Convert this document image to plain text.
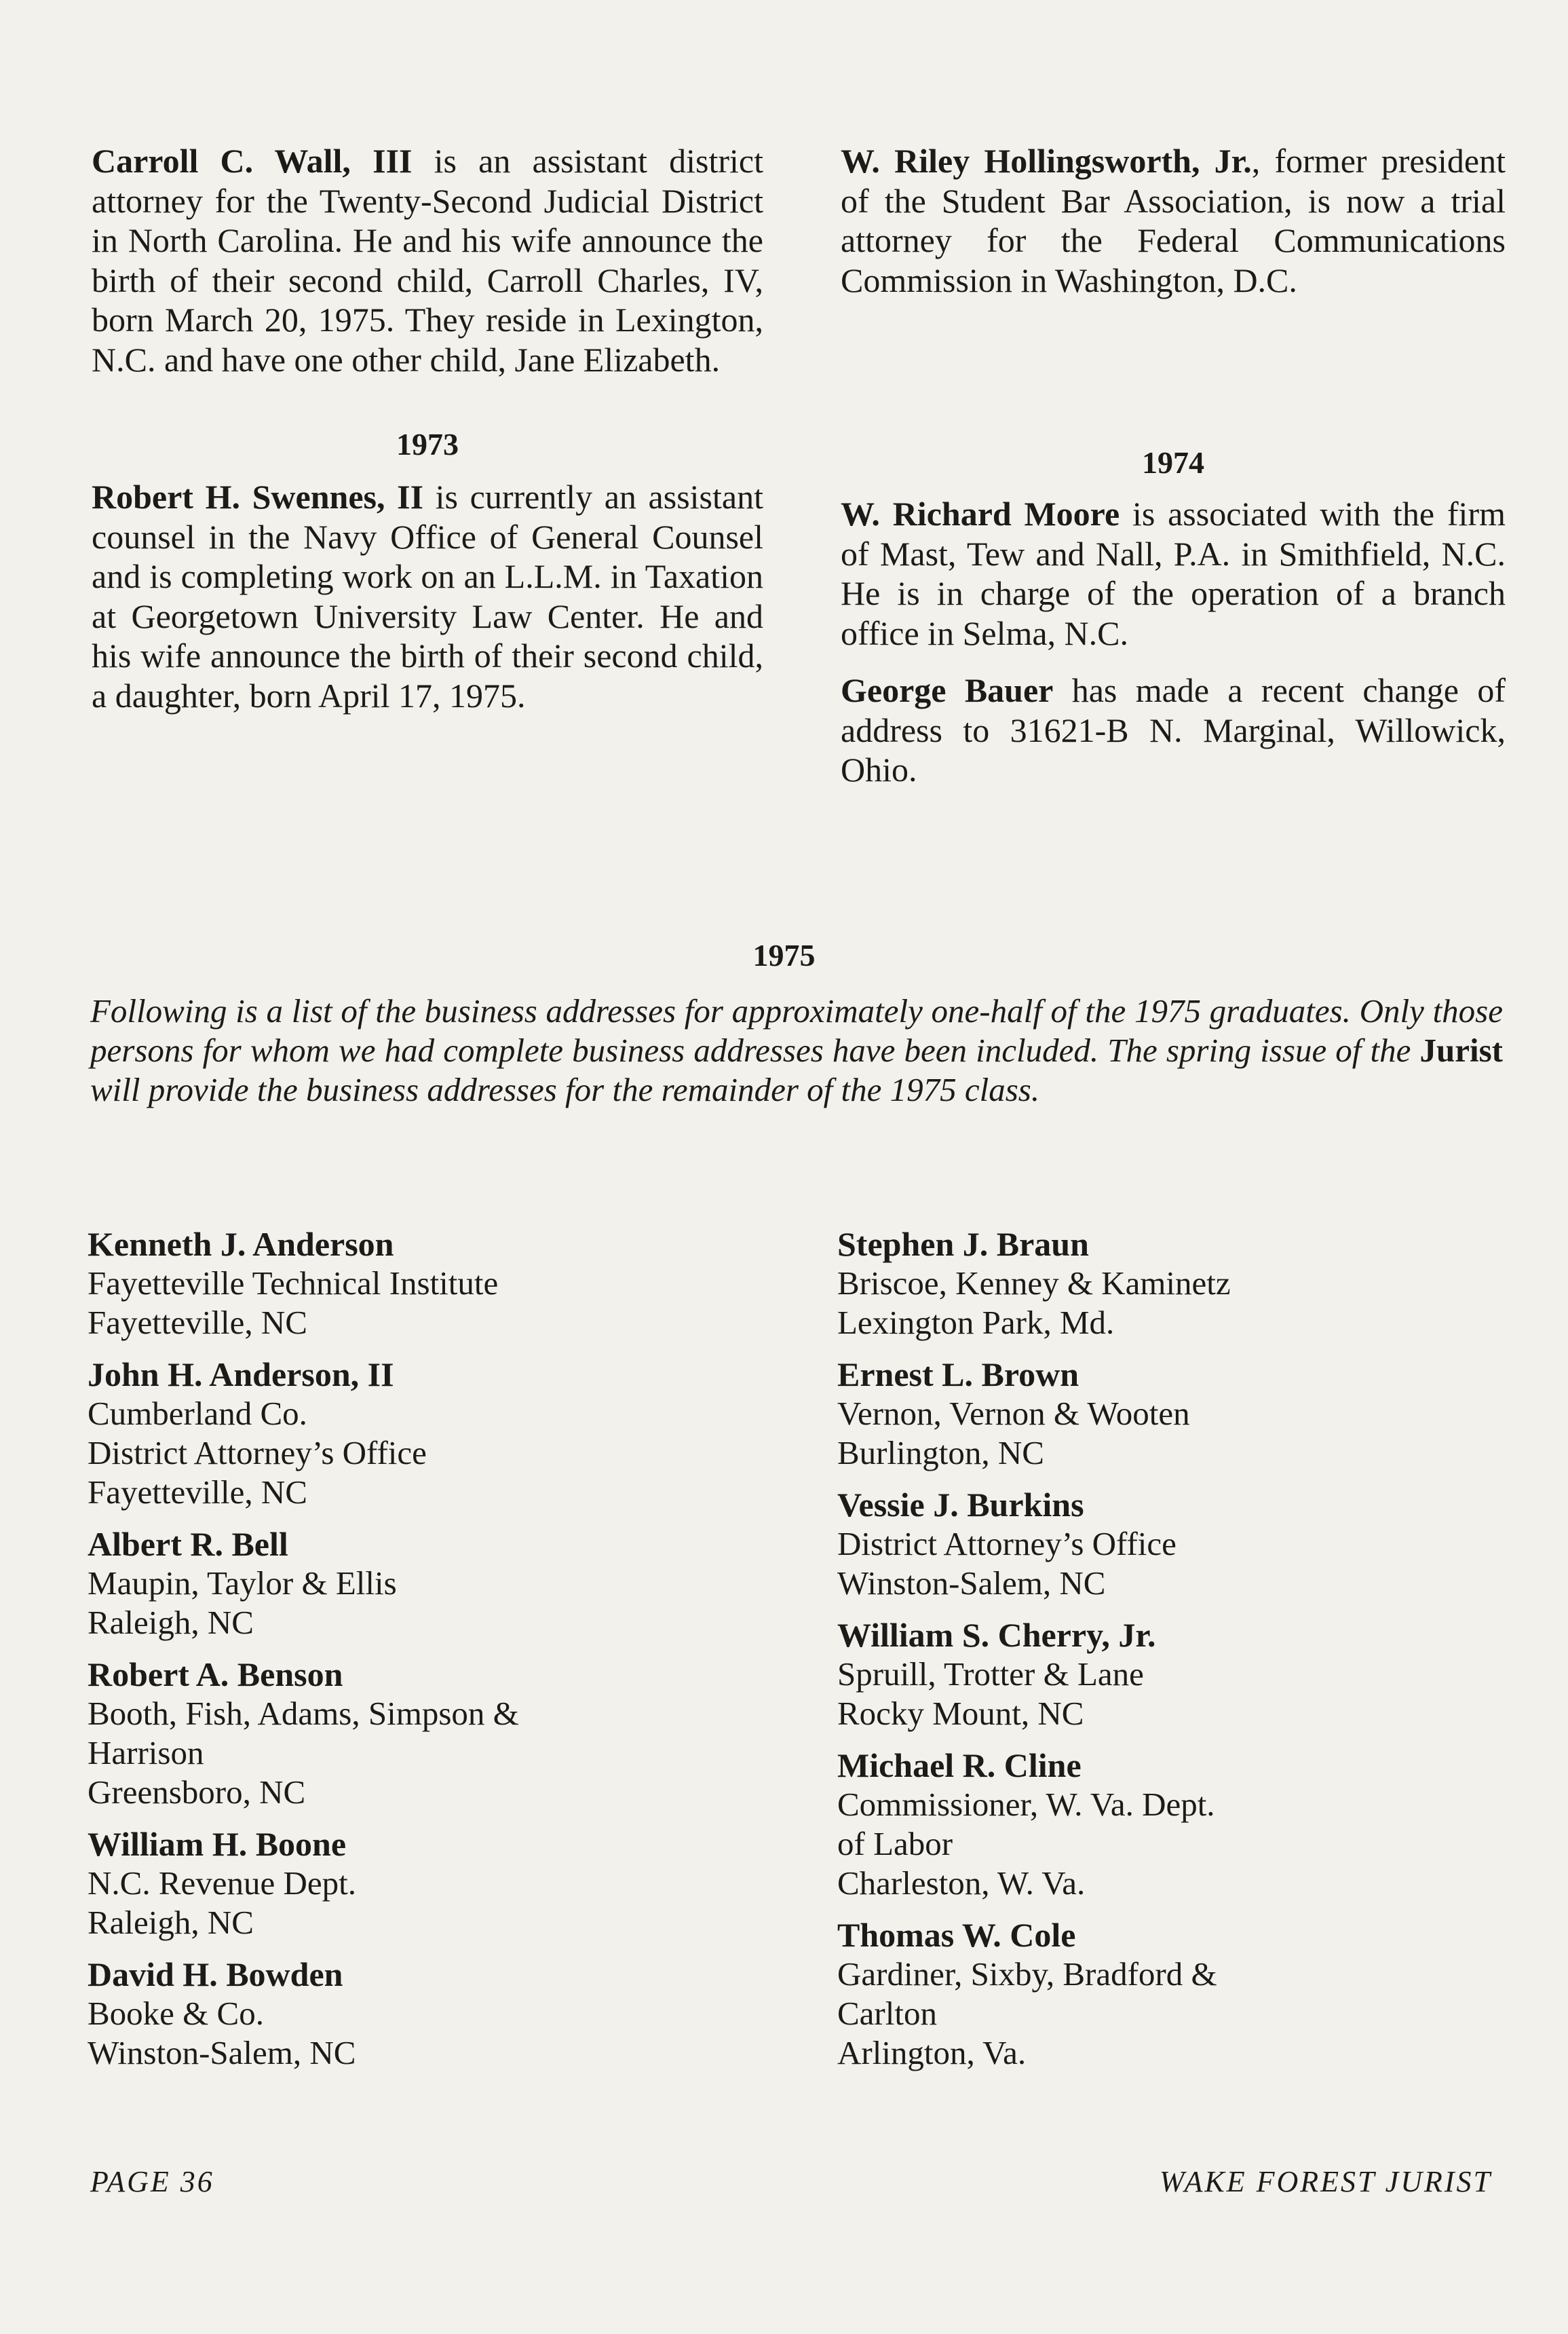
Carroll C. Wall, III is an assistant district attorney for the Twenty-Second Judicial District in North Carolina. He and his wife announce the birth of their second child, Carroll Charles, IV, born March 20, 1975. They reside in Lexington, N.C. and have one other child, Jane Elizabeth.

1973

Robert H. Swennes, II is currently an assistant counsel in the Navy Office of General Counsel and is completing work on an L.L.M. in Taxation at Georgetown University Law Center. He and his wife announce the birth of their second child, a daughter, born April 17, 1975.

W. Riley Hollingsworth, Jr., former president of the Student Bar Association, is now a trial attorney for the Federal Communications Commission in Washington, D.C.

1974

W. Richard Moore is associated with the firm of Mast, Tew and Nall, P.A. in Smithfield, N.C. He is in charge of the operation of a branch office in Selma, N.C.

George Bauer has made a recent change of address to 31621-B N. Marginal, Willowick, Ohio.

1975

Following is a list of the business addresses for approximately one-half of the 1975 graduates. Only those persons for whom we had complete business addresses have been included. The spring issue of the Jurist will provide the business addresses for the remainder of the 1975 class.

Kenneth J. Anderson
Fayetteville Technical Institute
Fayetteville, NC
John H. Anderson, II
Cumberland Co.
District Attorney’s Office
Fayetteville, NC
Albert R. Bell
Maupin, Taylor & Ellis
Raleigh, NC
Robert A. Benson
Booth, Fish, Adams, Simpson &
Harrison
Greensboro, NC
William H. Boone
N.C. Revenue Dept.
Raleigh, NC
David H. Bowden
Booke & Co.
Winston-Salem, NC
Stephen J. Braun
Briscoe, Kenney & Kaminetz
Lexington Park, Md.
Ernest L. Brown
Vernon, Vernon & Wooten
Burlington, NC
Vessie J. Burkins
District Attorney’s Office
Winston-Salem, NC
William S. Cherry, Jr.
Spruill, Trotter & Lane
Rocky Mount, NC
Michael R. Cline
Commissioner, W. Va. Dept.
of Labor
Charleston, W. Va.
Thomas W. Cole
Gardiner, Sixby, Bradford &
Carlton
Arlington, Va.
PAGE 36	WAKE FOREST JURIST
